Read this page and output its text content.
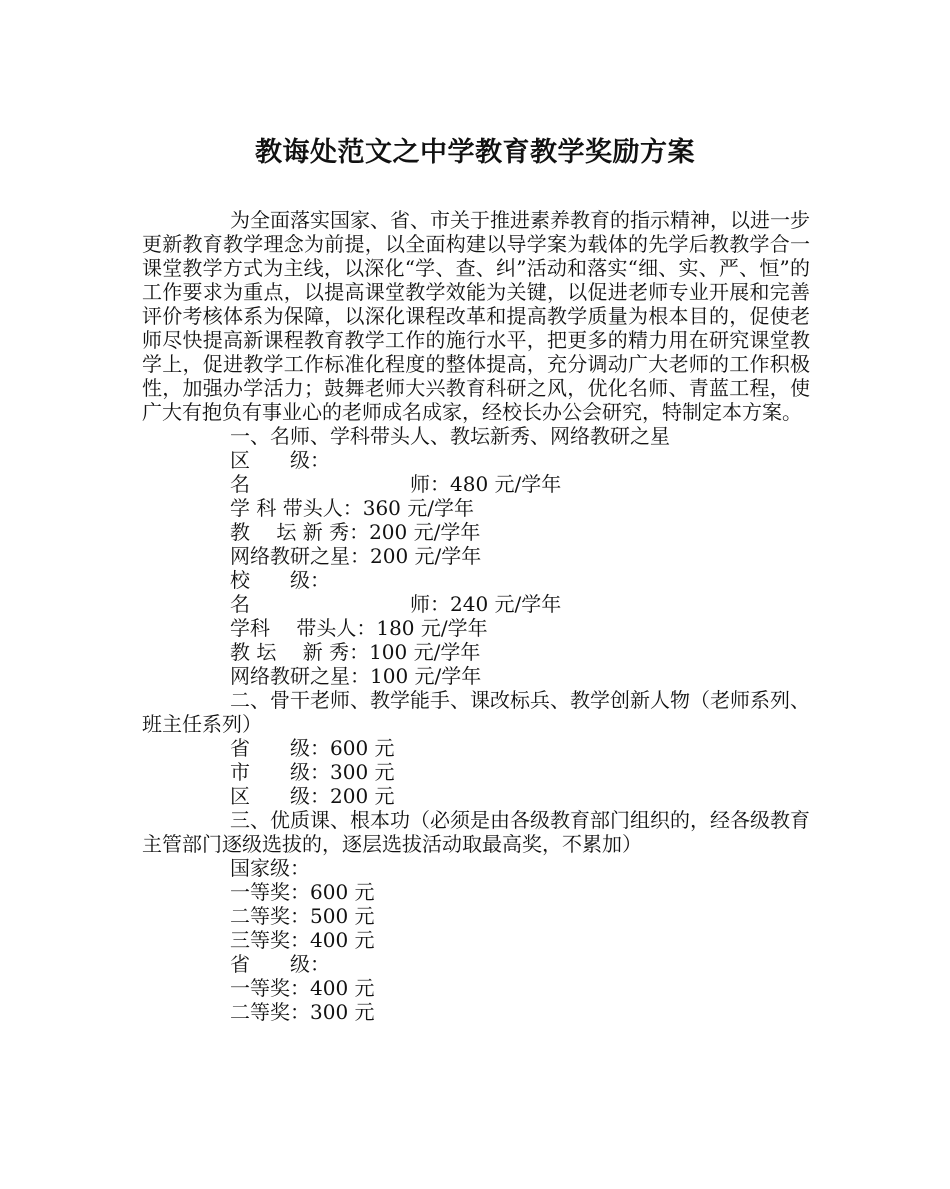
教诲处范文之中学教育教学奖励方案

为全面落实国家、省、市关于推进素养教育的指示精神，以进一步更新教育教学理念为前提，以全面构建以导学案为载体的先学后教教学合一课堂教学方式为主线，以深化“学、查、纠”活动和落实“细、实、严、恒”的工作要求为重点，以提高课堂教学效能为关键，以促进老师专业开展和完善评价考核体系为保障，以深化课程改革和提高教学质量为根本目的，促使老师尽快提高新课程教育教学工作的施行水平，把更多的精力用在研究课堂教学上，促进教学工作标准化程度的整体提高，充分调动广大老师的工作积极性，加强办学活力；鼓舞老师大兴教育科研之风，优化名师、青蓝工程，使广大有抱负有事业心的老师成名成家，经校长办公会研究，特制定本方案。

一、名师、学科带头人、教坛新秀、网络教研之星

区　　级：

名	师：480 元/学年

学 科 带头人：360 元/学年

教　 坛 新 秀：200 元/学年

网络教研之星：200 元/学年

校　　级：

名	师：240 元/学年

学科　 带头人：180 元/学年

教 坛　 新 秀：100 元/学年

网络教研之星：100 元/学年

二、骨干老师、教学能手、课改标兵、教学创新人物（老师系列、班主任系列）

省　　级：600 元

市　　级：300 元

区　　级：200 元

三、优质课、根本功（必须是由各级教育部门组织的，经各级教育主管部门逐级选拔的，逐层选拔活动取最高奖，不累加）

国家级：

一等奖：600 元

二等奖：500 元

三等奖：400 元

省　　级：

一等奖：400 元

二等奖：300 元
